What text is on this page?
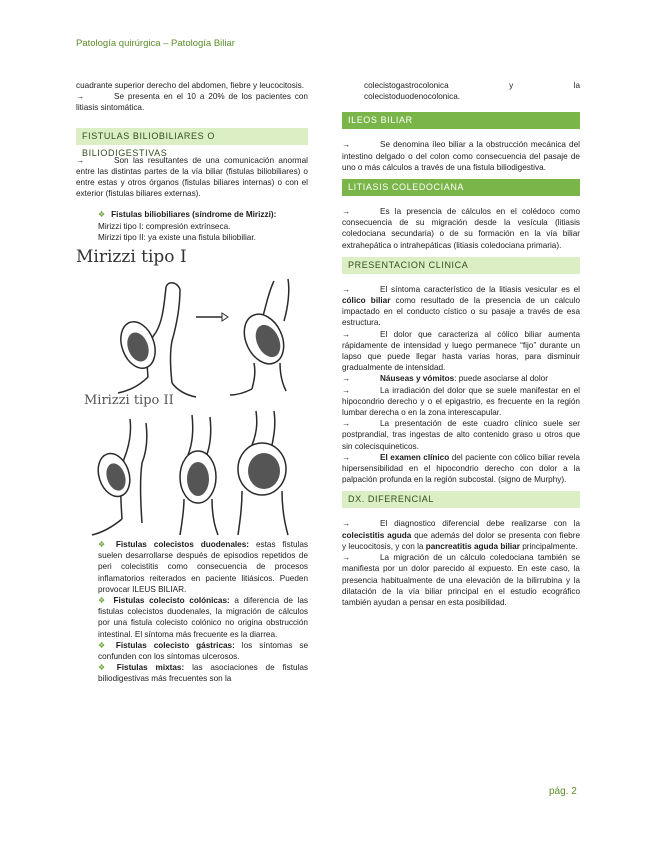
Patología quirúrgica – Patología Biliar

cuadrante superior derecho del abdomen, fiebre y leucocitosis.

→	Se presenta en el 10 a 20% de los pacientes con litiasis sintomática.

FISTULAS BILIOBILIARES O BILIODIGESTIVAS

→	Son las resultantes de una comunicación anormal entre las distintas partes de la vía biliar (fistulas biliobiliares) o entre estas y otros órganos (fistulas biliares internas) o con el exterior (fistulas biliares externas).

❖ Fistulas biliobiliares (síndrome de Mirizzi):

Mirizzi tipo I: compresión extrínseca.

Mirizzi tipo II: ya existe una fistula biliobiliar.

Mirizzi tipo I
Mirizzi tipo II

❖ Fistulas colecistos duodenales: estas fistulas suelen desarrollarse después de episodios repetidos de peri colecistitis como consecuencia de procesos inflamatorios reiterados en paciente litiásicos. Pueden provocar ILEUS BILIAR.

❖ Fistulas colecisto colónicas: a diferencia de las fistulas colecistos duodenales, la migración de cálculos por una fistula colecisto colónico no origina obstrucción intestinal. El síntoma más frecuente es la diarrea.

❖ Fistulas colecisto gástricas: los síntomas se confunden con los síntomas ulcerosos.

❖ Fistulas mixtas: las asociaciones de fistulas biliodigestivas más frecuentes son la

colecistogastrocolonica y la

colecistoduodenocolonica.

ILEOS BILIAR

→	Se denomina íleo biliar a la obstrucción mecánica del intestino delgado o del colon como consecuencia del pasaje de uno o más cálculos a través de una fistula biliodigestiva.

LITIASIS COLEDOCIANA

→	Es la presencia de cálculos en el colédoco como consecuencia de su migración desde la vesícula (litiasis coledociana secundaria) o de su formación en la vía biliar extrahepática o intrahepáticas (litiasis coledociana primaria).

PRESENTACION CLINICA

→	El síntoma característico de la litiasis vesicular es el cólico biliar como resultado de la presencia de un calculo impactado en el conducto cístico o su pasaje a través de esa estructura.

→	El dolor que caracteriza al cólico biliar aumenta rápidamente de intensidad y luego permanece “fijo” durante un lapso que puede llegar hasta varias horas, para disminuir gradualmente de intensidad.

→	Náuseas y vómitos: puede asociarse al dolor

→	La irradiación del dolor que se suele manifestar en el hipocondrio derecho y o el epigastrio, es frecuente en la región lumbar derecha o en la zona interescapular.

→	La presentación de este cuadro clínico suele ser postprandial, tras ingestas de alto contenido graso u otros que sin colecisquineticos.

→	El examen clínico del paciente con cólico biliar revela hipersensibilidad en el hipocondrio derecho con dolor a la palpación profunda en la región subcostal. (signo de Murphy).

DX. DIFERENCIAL

→	El diagnostico diferencial debe realizarse con la colecistitis aguda que además del dolor se presenta con fiebre y leucocitosis, y con la pancreatitis aguda biliar principalmente.

→	La migración de un cálculo coledociana también se manifiesta por un dolor parecido al expuesto. En este caso, la presencia habitualmente de una elevación de la bilirrubina y la dilatación de la vía biliar principal en el estudio ecográfico también ayudan a pensar en esta posibilidad.

pág. 2
